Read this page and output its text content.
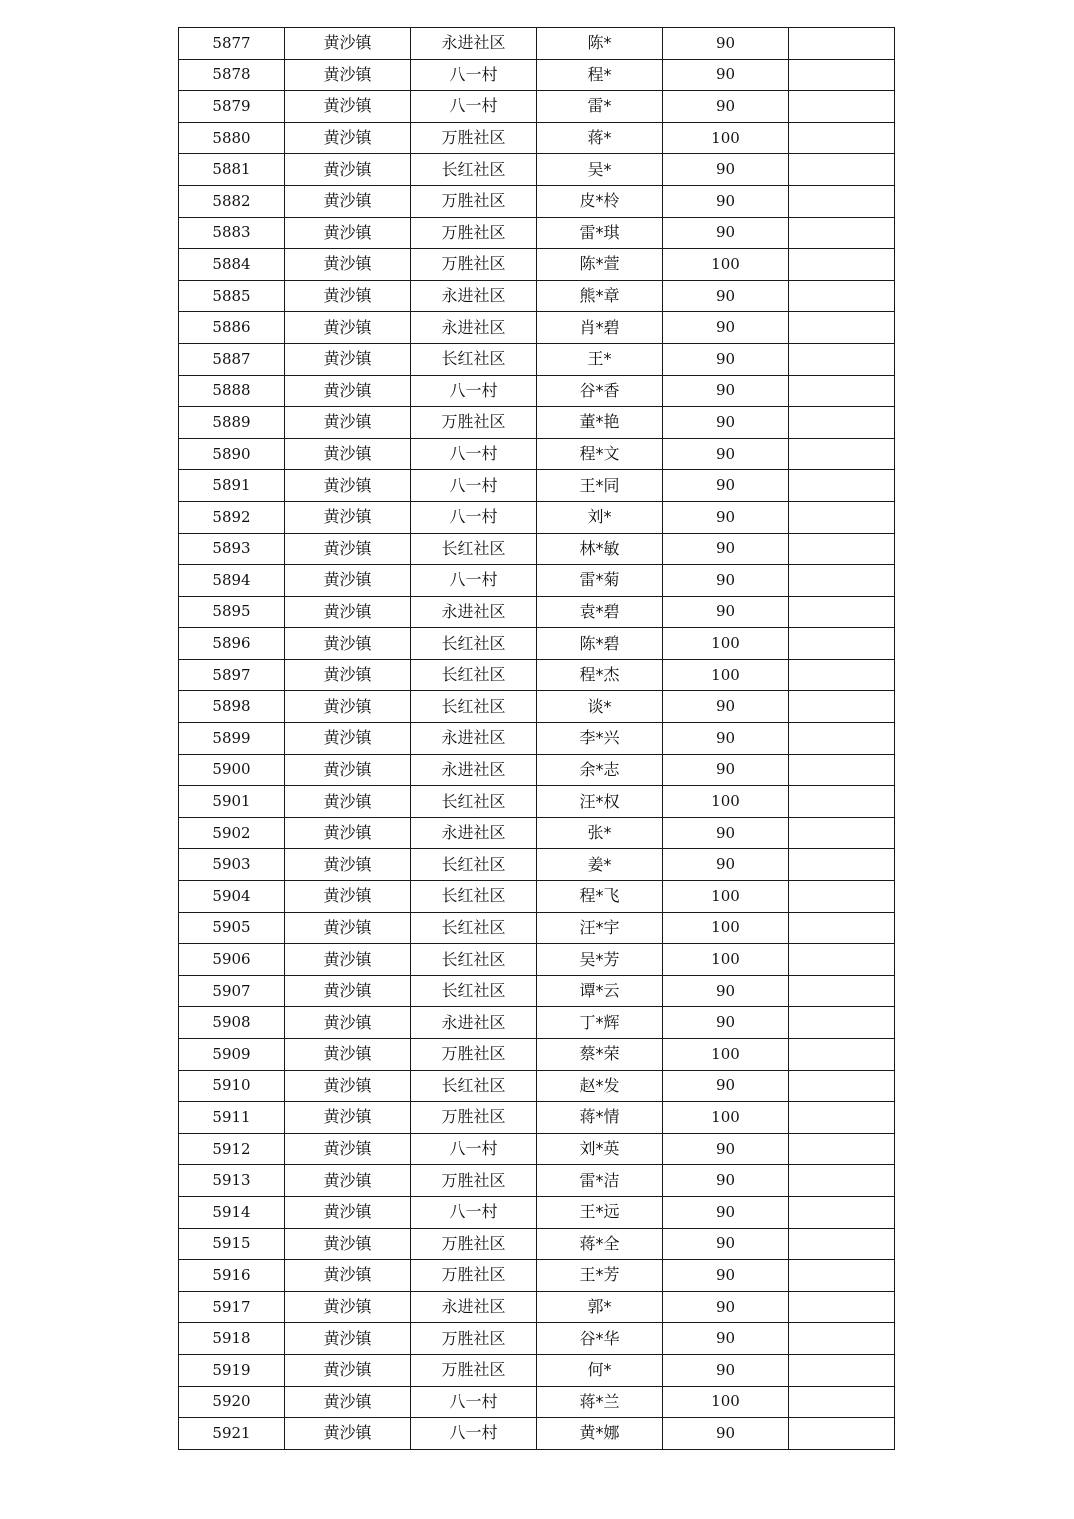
5877	黄沙镇	永进社区	陈*	90	
5878	黄沙镇	八一村	程*	90	
5879	黄沙镇	八一村	雷*	90	
5880	黄沙镇	万胜社区	蒋*	100	
5881	黄沙镇	长红社区	吴*	90	
5882	黄沙镇	万胜社区	皮*柃	90	
5883	黄沙镇	万胜社区	雷*琪	90	
5884	黄沙镇	万胜社区	陈*萱	100	
5885	黄沙镇	永进社区	熊*章	90	
5886	黄沙镇	永进社区	肖*碧	90	
5887	黄沙镇	长红社区	王*	90	
5888	黄沙镇	八一村	谷*香	90	
5889	黄沙镇	万胜社区	董*艳	90	
5890	黄沙镇	八一村	程*文	90	
5891	黄沙镇	八一村	王*同	90	
5892	黄沙镇	八一村	刘*	90	
5893	黄沙镇	长红社区	林*敏	90	
5894	黄沙镇	八一村	雷*菊	90	
5895	黄沙镇	永进社区	袁*碧	90	
5896	黄沙镇	长红社区	陈*碧	100	
5897	黄沙镇	长红社区	程*杰	100	
5898	黄沙镇	长红社区	谈*	90	
5899	黄沙镇	永进社区	李*兴	90	
5900	黄沙镇	永进社区	余*志	90	
5901	黄沙镇	长红社区	汪*权	100	
5902	黄沙镇	永进社区	张*	90	
5903	黄沙镇	长红社区	姜*	90	
5904	黄沙镇	长红社区	程*飞	100	
5905	黄沙镇	长红社区	汪*宇	100	
5906	黄沙镇	长红社区	吴*芳	100	
5907	黄沙镇	长红社区	谭*云	90	
5908	黄沙镇	永进社区	丁*辉	90	
5909	黄沙镇	万胜社区	蔡*荣	100	
5910	黄沙镇	长红社区	赵*发	90	
5911	黄沙镇	万胜社区	蒋*情	100	
5912	黄沙镇	八一村	刘*英	90	
5913	黄沙镇	万胜社区	雷*洁	90	
5914	黄沙镇	八一村	王*远	90	
5915	黄沙镇	万胜社区	蒋*全	90	
5916	黄沙镇	万胜社区	王*芳	90	
5917	黄沙镇	永进社区	郭*	90	
5918	黄沙镇	万胜社区	谷*华	90	
5919	黄沙镇	万胜社区	何*	90	
5920	黄沙镇	八一村	蒋*兰	100	
5921	黄沙镇	八一村	黄*娜	90	
